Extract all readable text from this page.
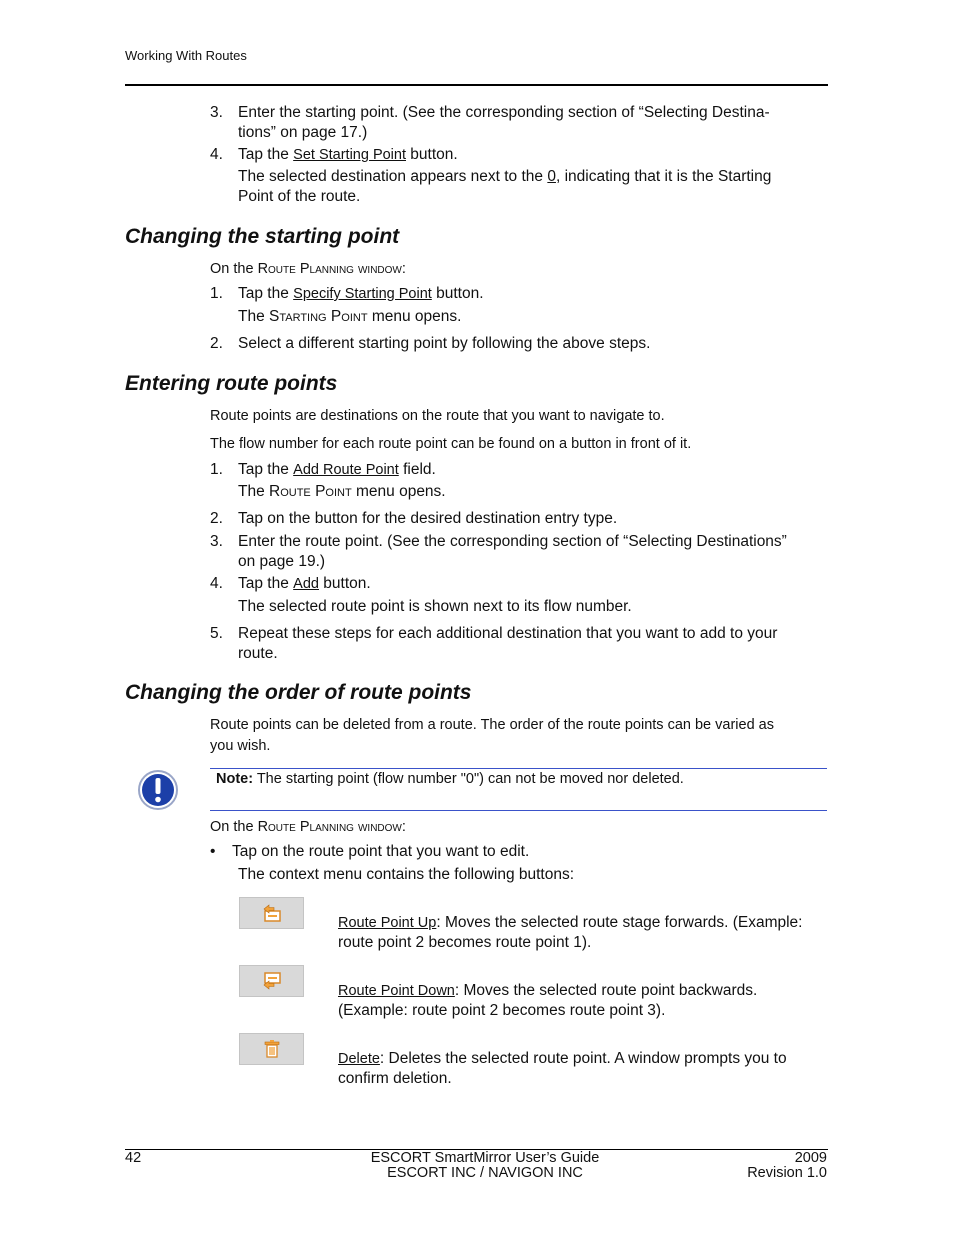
Working With Routes
3. Enter the starting point. (See the corresponding section of “Selecting Destina-
tions” on page 17.)
4. Tap the Set Starting Point button.
The selected destination appears next to the 0, indicating that it is the Starting
Point of the route.
Changing the starting point
On the Route Planning window:
1. Tap the Specify Starting Point button.
The Starting Point menu opens.
2. Select a different starting point by following the above steps.
Entering route points
Route points are destinations on the route that you want to navigate to.
The flow number for each route point can be found on a button in front of it.
1. Tap the Add Route Point field.
The Route Point menu opens.
2. Tap on the button for the desired destination entry type.
3. Enter the route point. (See the corresponding section of “Selecting Destinations”
on page 19.)
4. Tap the Add button.
The selected route point is shown next to its flow number.
5. Repeat these steps for each additional destination that you want to add to your
route.
Changing the order of route points
Route points can be deleted from a route. The order of the route points can be varied as
you wish.
Note: The starting point (flow number "0") can not be moved nor deleted.
On the Route Planning window:
• Tap on the route point that you want to edit.
The context menu contains the following buttons:
Route Point Up: Moves the selected route stage forwards. (Example:
route point 2 becomes route point 1).
Route Point Down: Moves the selected route point backwards.
(Example: route point 2 becomes route point 3).
Delete: Deletes the selected route point. A window prompts you to
confirm deletion.
42	ESCORT SmartMirror User’s Guide
ESCORT INC / NAVIGON INC
2009
Revision 1.0
